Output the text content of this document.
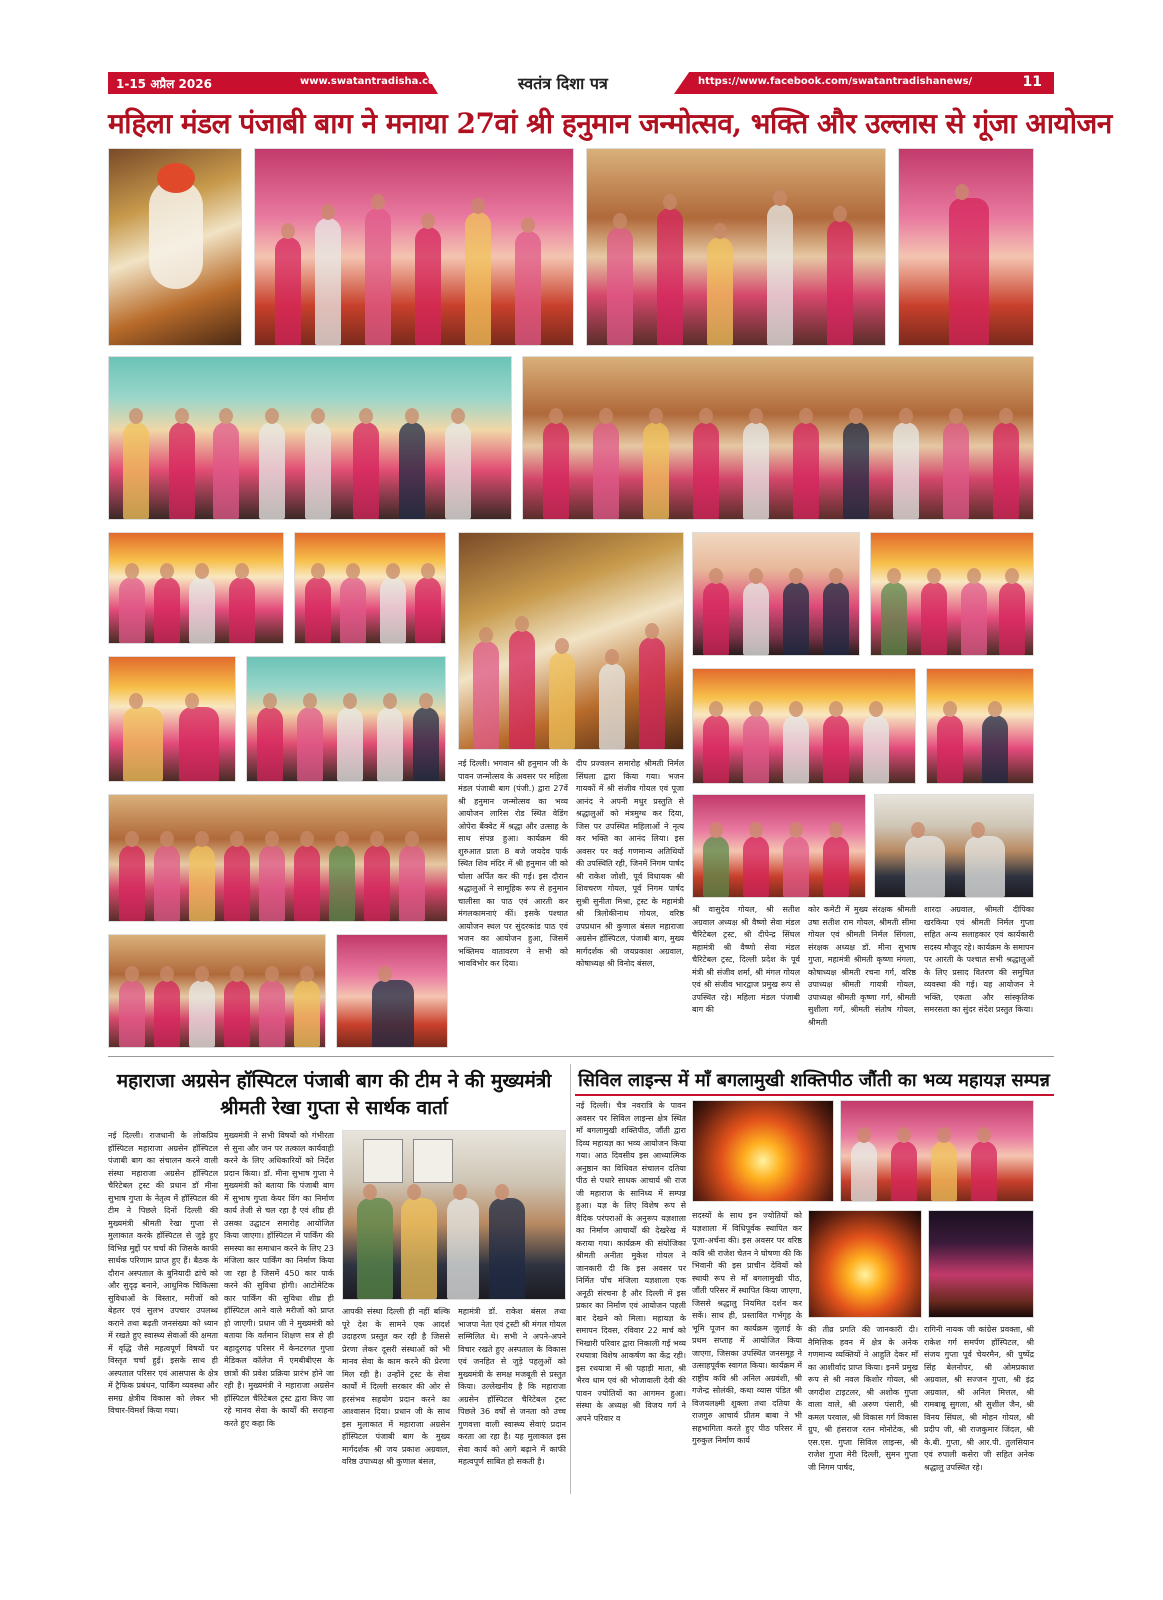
1-15 अप्रैल 2026	www.swatantradisha.com	स्वतंत्र दिशा पत्र	https://www.facebook.com/swatantradishanews/	11
महिला मंडल पंजाबी बाग ने मनाया 27वां श्री हनुमान जन्मोत्सव, भक्ति और उल्लास से गूंजा आयोजन
नई दिल्ली। भगवान श्री हनुमान जी के पावन जन्मोत्सव के अवसर पर महिला मंडल पंजाबी बाग (पंजी.) द्वारा 27वें श्री हनुमान जन्मोत्सव का भव्य आयोजन लारिस रोड स्थित वेडिंग ओपेरा बैंक्वेट में श्रद्धा और उत्साह के साथ संपन्न हुआ। कार्यक्रम की शुरुआत प्रातः 8 बजे जयदेव पार्क स्थित शिव मंदिर में श्री हनुमान जी को चोला अर्पित कर की गई। इस दौरान श्रद्धालुओं ने सामूहिक रूप से हनुमान चालीसा का पाठ एवं आरती कर मंगलकामनाएं कीं। इसके पश्चात आयोजन स्थल पर सुंदरकांड पाठ एवं भजन का आयोजन हुआ, जिसमें भक्तिमय वातावरण ने सभी को भावविभोर कर दिया।
दीप प्रज्वलन समारोह श्रीमती निर्मल सिंघला द्वारा किया गया। भजन गायकों में श्री संजीव गोयल एवं पूजा आनंद ने अपनी मधुर प्रस्तुति से श्रद्धालुओं को मंत्रमुग्ध कर दिया, जिस पर उपस्थित महिलाओं ने नृत्य कर भक्ति का आनंद लिया। इस अवसर पर कई गणमान्य अतिथियों की उपस्थिति रही, जिनमें निगम पार्षद श्री राकेश जोशी, पूर्व विधायक श्री शिवचरण गोयल, पूर्व निगम पार्षद सुश्री सुनीता मिश्रा, ट्रस्ट के महामंत्री श्री त्रिलोकीनाथ गोयल, वरिष्ठ उपप्रधान श्री कुणाल बंसल महाराजा अग्रसेन हॉस्पिटल, पंजाबी बाग, मुख्य मार्गदर्शक श्री जयप्रकाश अग्रवाल, कोषाध्यक्ष श्री विनोद बंसल,
श्री वासुदेव गोयल, श्री सतीश अग्रवाल अध्यक्ष श्री वैष्णो सेवा मंडल चैरिटेबल ट्रस्ट, श्री दीपेन्द्र सिंघल महामंत्री श्री वैष्णो सेवा मंडल चैरिटेबल ट्रस्ट, दिल्ली प्रदेश के पूर्व मंत्री श्री संजीव शर्मा, श्री मंगल गोयल एवं श्री संजीव भारद्वाज प्रमुख रूप से उपस्थित रहे। महिला मंडल पंजाबी बाग की
कोर कमेटी में मुख्य संरक्षक श्रीमती उषा सतीश राम गोयल, श्रीमती सीमा गोयल एवं श्रीमती निर्मल सिंगला, संरक्षक अध्यक्ष डॉ. मीना सुभाष गुप्ता, महामंत्री श्रीमती कृष्णा मंगला, कोषाध्यक्ष श्रीमती रचना गर्ग, वरिष्ठ उपाध्यक्ष श्रीमती गायत्री गोयल, उपाध्यक्ष श्रीमती कृष्णा गर्ग, श्रीमती सुशीला गर्ग, श्रीमती संतोष गोयल, श्रीमती
शारदा अग्रवाल, श्रीमती दीपिका खरकिया एवं श्रीमती निर्मल गुप्ता सहित अन्य सलाहकार एवं कार्यकारी सदस्य मौजूद रहे। कार्यक्रम के समापन पर आरती के पश्चात सभी श्रद्धालुओं के लिए प्रसाद वितरण की समुचित व्यवस्था की गई। यह आयोजन ने भक्ति, एकता और सांस्कृतिक समरसता का सुंदर संदेश प्रस्तुत किया।
महाराजा अग्रसेन हॉस्पिटल पंजाबी बाग की टीम ने की मुख्यमंत्री श्रीमती रेखा गुप्ता से सार्थक वार्ता
नई दिल्ली। राजधानी के लोकप्रिय हॉस्पिटल महाराजा अग्रसेन हॉस्पिटल पंजाबी बाग का संचालन करने वाली संस्था महाराजा अग्रसेन हॉस्पिटल चैरिटेबल ट्रस्ट की प्रधान डॉ मीना सुभाष गुप्ता के नेतृत्व में हॉस्पिटल की टीम ने पिछले दिनों दिल्ली की मुख्यमंत्री श्रीमती रेखा गुप्ता से मुलाकात करके हॉस्पिटल से जुड़े हुए विभिन्न मुद्दों पर चर्चा की जिसके काफी सार्थक परिणाम प्राप्त हुए हैं। बैठक के दौरान अस्पताल के बुनियादी ढांचे को और सुदृढ़ बनाने, आधुनिक चिकित्सा सुविधाओं के विस्तार, मरीजों को बेहतर एवं सुलभ उपचार उपलब्ध कराने तथा बढ़ती जनसंख्या को ध्यान में रखते हुए स्वास्थ्य सेवाओं की क्षमता में वृद्धि जैसे महत्वपूर्ण विषयों पर विस्तृत चर्चा हुई। इसके साथ ही अस्पताल परिसर एवं आसपास के क्षेत्र में ट्रैफिक प्रबंधन, पार्किंग व्यवस्था और समग्र क्षेत्रीय विकास को लेकर भी विचार-विमर्श किया गया।
मुख्यमंत्री ने सभी विषयों को गंभीरता से सुना और जन पर तत्काल कार्यवाही करने के लिए अधिकारियों को निर्देश प्रदान किया। डॉ. मीना सुभाष गुप्ता ने मुख्यमंत्री को बताया कि पंजाबी बाग में सुभाष गुप्ता केयर विंग का निर्माण कार्य तेजी से चल रहा है एवं शीघ्र ही उसका उद्घाटन समारोह आयोजित किया जाएगा। हॉस्पिटल में पार्किंग की समस्या का समाधान करने के लिए 23 मंजिला कार पार्किंग का निर्माण किया जा रहा है जिसमें 450 कार पार्क करने की सुविधा होगी। आटोमेटिक कार पार्किंग की सुविधा शीघ्र ही हॉस्पिटल आने वाले मरीजों को प्राप्त हो जाएगी। प्रधान जी ने मुख्यमंत्री को बताया कि वर्तमान शिक्षण सत्र से ही बहादुरगढ़ परिसर में केनटरगत गुप्ता मेडिकल कॉलेज में एमबीबीएस के छात्रों की प्रवेश प्रक्रिया प्रारंभ होने जा रही है। मुख्यमंत्री ने महाराजा अग्रसेन हॉस्पिटल चैरिटेबल ट्रस्ट द्वारा किए जा रहे मानव सेवा के कार्यों की सराहना करते हुए कहा कि
आपकी संस्था दिल्ली ही नहीं बल्कि पूरे देश के सामने एक आदर्श उदाहरण प्रस्तुत कर रही है जिससे प्रेरणा लेकर दूसरी संस्थाओं को भी मानव सेवा के काम करने की प्रेरणा मिल रही है। उन्होंने ट्रस्ट के सेवा कार्यों में दिल्ली सरकार की ओर से हरसंभव सहयोग प्रदान करने का आश्वासन दिया। प्रधान जी के साथ इस मुलाकात में महाराजा अग्रसेन हॉस्पिटल पंजाबी बाग के मुख्य मार्गदर्शक श्री जय प्रकाश अग्रवाल, वरिष्ठ उपाध्यक्ष श्री कुणाल बंसल,
महामंत्री डॉ. राकेश बंसल तथा भाजपा नेता एवं ट्रस्टी श्री मंगल गोयल सम्मिलित थे। सभी ने अपने-अपने विचार रखते हुए अस्पताल के विकास एवं जनहित से जुड़े पहलुओं को मुख्यमंत्री के समक्ष मजबूती से प्रस्तुत किया। उल्लेखनीय है कि महाराजा अग्रसेन हॉस्पिटल चैरिटेबल ट्रस्ट पिछले 36 वर्षों से जनता को उच्च गुणवत्ता वाली स्वास्थ्य सेवाएं प्रदान करता आ रहा है। यह मुलाकात इस सेवा कार्य को आगे बढ़ाने में काफी महत्वपूर्ण साबित हो सकती है।
सिविल लाइन्स में माँ बगलामुखी शक्तिपीठ जौंती का भव्य महायज्ञ सम्पन्न
नई दिल्ली। चैत्र नवरात्रि के पावन अवसर पर सिविल लाइन्स क्षेत्र स्थित माँ बगलामुखी शक्तिपीठ, जौंती द्वारा दिव्य महायज्ञ का भव्य आयोजन किया गया। आठ दिवसीय इस आध्यात्मिक अनुष्ठान का विधिवत संचालन दतिया पीठ से पधारे साधक आचार्य श्री राज जी महाराज के सानिध्य में सम्पन्न हुआ। यज्ञ के लिए विशेष रूप से वैदिक परंपराओं के अनुरूप यज्ञशाला का निर्माण आचार्यों की देखरेख में कराया गया। कार्यक्रम की संयोजिका श्रीमती अनीता मुकेश गोयल ने जानकारी दी कि इस अवसर पर निर्मित पाँच मंजिला यज्ञशाला एक अनूठी संरचना है और दिल्ली में इस प्रकार का निर्माण एवं आयोजन पहली बार देखने को मिला। महायज्ञ के समापन दिवस, रविवार 22 मार्च को भिखारी परिवार द्वारा निकाली गई भव्य रथयात्रा विशेष आकर्षण का केंद्र रही। इस रथयात्रा में श्री पहाड़ी माता, श्री भैरव धाम एवं श्री भोजावाली देवी की पावन ज्योतियों का आगमन हुआ। संस्था के अध्यक्ष श्री विजय गर्ग ने अपने परिवार व
सदस्यों के साथ इन ज्योतियों को यज्ञशाला में विधिपूर्वक स्थापित कर पूजा-अर्चना की। इस अवसर पर वरिष्ठ कवि श्री राजेश चेतन ने घोषणा की कि भिवानी की इस प्राचीन देवियों को स्थायी रूप से माँ बगलामुखी पीठ, जौंती परिसर में स्थापित किया जाएगा, जिससे श्रद्धालु नियमित दर्शन कर सकें। साथ ही, प्रस्तावित गर्भगृह के भूमि पूजन का कार्यक्रम जुलाई के प्रथम सप्ताह में आयोजित किया जाएगा, जिसका उपस्थित जनसमूह ने उत्साहपूर्वक स्वागत किया। कार्यक्रम में राष्ट्रीय कवि श्री अनिल अग्रवंशी, श्री गजेन्द्र सोलंकी, कथा व्यास पंडित श्री विजयलक्ष्मी शुक्ला तथा दतिया के राजगुरु आचार्य प्रीतम बाबा ने भी सहभागिता करते हुए पीठ परिसर में गुरुकुल निर्माण कार्य
की तीव्र प्रगति की जानकारी दी। नैमित्तिक हवन में क्षेत्र के अनेक गणमान्य व्यक्तियों ने आहुति देकर माँ का आशीर्वाद प्राप्त किया। इनमें प्रमुख रूप से श्री नवल किशोर गोयल, श्री जगदीश टाइटलर, श्री अशोक गुप्ता वाला वाले, श्री अरुण पंसारी, श्री कमल परवाल, श्री विकास गर्ग विकास ग्रुप, श्री हंसराज रतन मोनोटेक, श्री एस.एस. गुप्ता सिविल लाइन्स, श्री राजेश गुप्ता मेरी दिल्ली, सुमन गुप्ता जी निगम पार्षद,
रागिनी नायक जी कांग्रेस प्रवक्ता, श्री राकेश गर्ग समर्पण हॉस्पिटल, श्री संजय गुप्ता पूर्व चेयरमैन, श्री पुष्पेंद्र सिंह बेलनोपर, श्री ओमप्रकाश अग्रवाल, श्री सज्जन गुप्ता, श्री इंद्र अग्रवाल, श्री अनिल मित्तल, श्री रामबाबू सुगला, श्री सुशील जैन, श्री विनय सिंघल, श्री मोहन गोयल, श्री प्रदीप जी, श्री राजकुमार जिंदल, श्री के.बी. गुप्ता, श्री आर.पी. तुलसियान एवं रुपाली कसेरा जी सहित अनेक श्रद्धालु उपस्थित रहे।
